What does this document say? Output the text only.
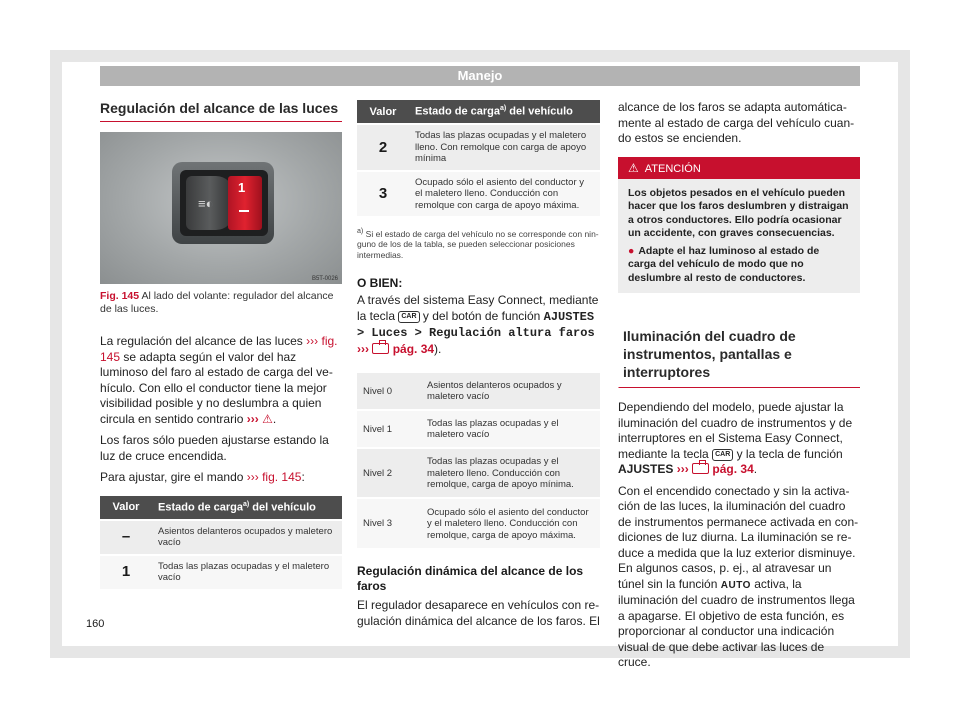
Manejo
Regulación del alcance de las luces
≡◐
1
B5T-0026
Fig. 145 Al lado del volante: regulador del alcance de las luces.

La regulación del alcance de las luces ››› fig. 145 se adapta según el valor del haz luminoso del faro al estado de carga del vehículo. Con ello el conductor tiene la mejor visibilidad posible y no deslumbra a quien circula en sentido contrario ››› ⚠.

Los faros sólo pueden ajustarse estando la luz de cruce encendida.

Para ajustar, gire el mando ››› fig. 145:

Valor	Estado de carga$^{a)}$ del vehículo
–	Asientos delanteros ocupados y maletero vacío
1	Todas las plazas ocupadas y el maletero vacío
Valor	Estado de carga$^{a)}$ del vehículo
2	Todas las plazas ocupadas y el maletero lleno. Con remolque con carga de apoyo mínima
3	Ocupado sólo el asiento del conductor y el maletero lleno. Conducción con remolque con carga de apoyo máxima.
$^{a)}$ Si el estado de carga del vehículo no se corresponde con ninguno de los de la tabla, se pueden seleccionar posiciones intermedias.
O BIEN:

A través del sistema Easy Connect, mediante la tecla CAR y del botón de función AJUSTES > Luces > Regulación altura faros ››› pág. 34).

Nivel 0	Asientos delanteros ocupados y maletero vacío
Nivel 1	Todas las plazas ocupadas y el maletero vacío
Nivel 2	Todas las plazas ocupadas y el maletero lleno. Conducción con remolque, carga de apoyo mínima.
Nivel 3	Ocupado sólo el asiento del conductor y el maletero lleno. Conducción con remolque, carga de apoyo máxima.
Regulación dinámica del alcance de los faros

El regulador desaparece en vehículos con regulación dinámica del alcance de los faros. El

alcance de los faros se adapta automáticamente al estado de carga del vehículo cuando estos se encienden.

⚠ ATENCIÓN
Los objetos pesados en el vehículo pueden hacer que los faros deslumbren y distraigan a otros conductores. Ello podría ocasionar un accidente, con graves consecuencias.
● Adapte el haz luminoso al estado de carga del vehículo de modo que no deslumbre al resto de conductores.
Iluminación del cuadro de instrumentos, pantallas e interruptores

Dependiendo del modelo, puede ajustar la iluminación del cuadro de instrumentos y de interruptores en el Sistema Easy Connect, mediante la tecla CAR y la tecla de función AJUSTES ››› pág. 34.

Con el encendido conectado y sin la activación de las luces, la iluminación del cuadro de instrumentos permanece activada en condiciones de luz diurna. La iluminación se reduce a medida que la luz exterior disminuye. En algunos casos, p. ej., al atravesar un túnel sin la función AUTO activa, la iluminación del cuadro de instrumentos llega a apagarse. El objetivo de esta función, es proporcionar al conductor una indicación visual de que debe activar las luces de cruce.

160
